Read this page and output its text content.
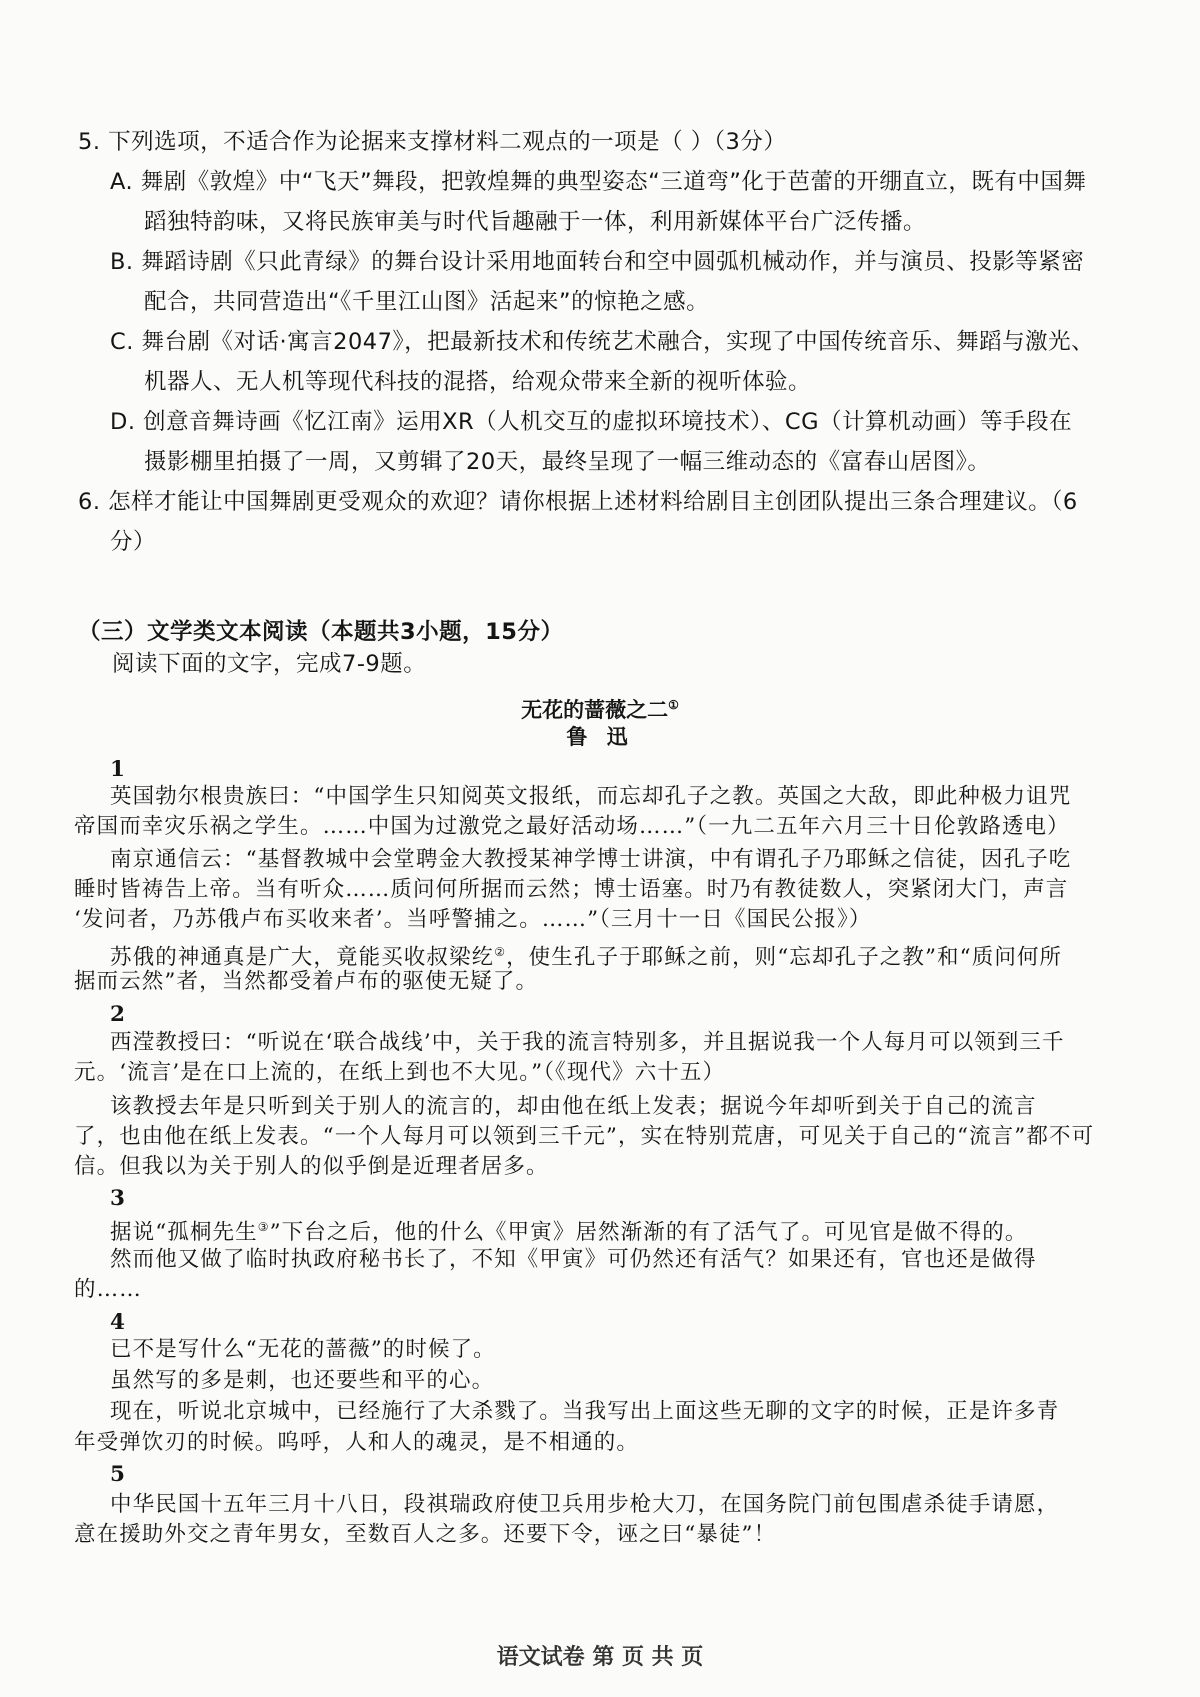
5. 下列选项，不适合作为论据来支撑材料二观点的一项是（ ）（3分）
A. 舞剧《敦煌》中“飞天”舞段，把敦煌舞的典型姿态“三道弯”化于芭蕾的开绷直立，既有中国舞
蹈独特韵味，又将民族审美与时代旨趣融于一体，利用新媒体平台广泛传播。
B. 舞蹈诗剧《只此青绿》的舞台设计采用地面转台和空中圆弧机械动作，并与演员、投影等紧密
配合，共同营造出“《千里江山图》活起来”的惊艳之感。
C. 舞台剧《对话·寓言2047》，把最新技术和传统艺术融合，实现了中国传统音乐、舞蹈与激光、
机器人、无人机等现代科技的混搭，给观众带来全新的视听体验。
D. 创意音舞诗画《忆江南》运用XR（人机交互的虚拟环境技术）、CG（计算机动画）等手段在
摄影棚里拍摄了一周，又剪辑了20天，最终呈现了一幅三维动态的《富春山居图》。
6. 怎样才能让中国舞剧更受观众的欢迎？请你根据上述材料给剧目主创团队提出三条合理建议。（6
分）
（三）文学类文本阅读（本题共3小题，15分）
阅读下面的文字，完成7-9题。
无花的蔷薇之二①
鲁 迅
1
英国勃尔根贵族曰：“中国学生只知阅英文报纸，而忘却孔子之教。英国之大敌，即此种极力诅咒
帝国而幸灾乐祸之学生。……中国为过激党之最好活动场……”（一九二五年六月三十日伦敦路透电）
南京通信云：“基督教城中会堂聘金大教授某神学博士讲演，中有谓孔子乃耶稣之信徒，因孔子吃
睡时皆祷告上帝。当有听众……质问何所据而云然；博士语塞。时乃有教徒数人，突紧闭大门，声言
‘发问者，乃苏俄卢布买收来者’。当呼警捕之。……”（三月十一日《国民公报》）
苏俄的神通真是广大，竟能买收叔梁纥②，使生孔子于耶稣之前，则“忘却孔子之教”和“质问何所
据而云然”者，当然都受着卢布的驱使无疑了。
2
西滢教授曰：“听说在‘联合战线’中，关于我的流言特别多，并且据说我一个人每月可以领到三千
元。‘流言’是在口上流的，在纸上到也不大见。”（《现代》六十五）
该教授去年是只听到关于别人的流言的，却由他在纸上发表；据说今年却听到关于自己的流言
了，也由他在纸上发表。“一个人每月可以领到三千元”，实在特别荒唐，可见关于自己的“流言”都不可
信。但我以为关于别人的似乎倒是近理者居多。
3
据说“孤桐先生③”下台之后，他的什么《甲寅》居然渐渐的有了活气了。可见官是做不得的。
然而他又做了临时执政府秘书长了，不知《甲寅》可仍然还有活气？如果还有，官也还是做得
的……
4
已不是写什么“无花的蔷薇”的时候了。
虽然写的多是刺，也还要些和平的心。
现在，听说北京城中，已经施行了大杀戮了。当我写出上面这些无聊的文字的时候，正是许多青
年受弹饮刃的时候。呜呼，人和人的魂灵，是不相通的。
5
中华民国十五年三月十八日，段祺瑞政府使卫兵用步枪大刀，在国务院门前包围虐杀徒手请愿，
意在援助外交之青年男女，至数百人之多。还要下令，诬之曰“暴徒”！
语文试卷 第 页 共 页
